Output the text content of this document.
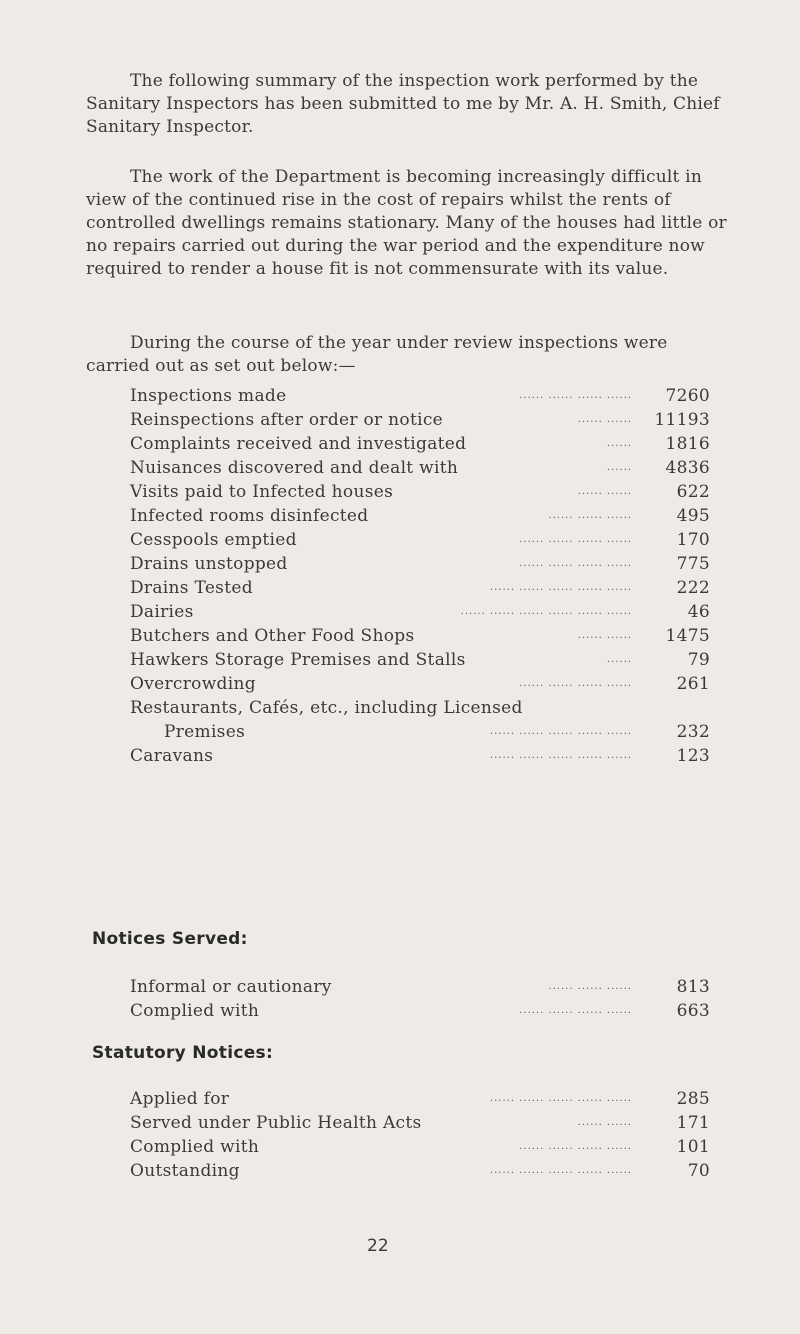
The following summary of the inspection work performed by the Sanitary Inspectors has been submitted to me by Mr. A. H. Smith, Chief Sanitary Inspector.

The work of the Department is becoming increasingly difficult in view of the continued rise in the cost of repairs whilst the rents of controlled dwellings remains stationary. Many of the houses had little or no repairs carried out during the war period and the expenditure now required to render a house fit is not commensurate with its value.

During the course of the year under review inspections were carried out as set out below:—

Inspections made	...... ...... ...... ......	7260
Reinspections after order or notice	...... ......	11193
Complaints received and investigated	......	1816
Nuisances discovered and dealt with	......	4836
Visits paid to Infected houses	...... ......	622
Infected rooms disinfected	...... ...... ......	495
Cesspools emptied	...... ...... ...... ......	170
Drains unstopped	...... ...... ...... ......	775
Drains Tested	...... ...... ...... ...... ......	222
Dairies	...... ...... ...... ...... ...... ......	46
Butchers and Other Food Shops	...... ......	1475
Hawkers Storage Premises and Stalls	......	79
Overcrowding	...... ...... ...... ......	261
Restaurants, Cafés, etc., including Licensed
Premises	...... ...... ...... ...... ......	232
Caravans	...... ...... ...... ...... ......	123
Notices Served:
Informal or cautionary	...... ...... ......	813
Complied with	...... ...... ...... ......	663
Statutory Notices:
Applied for	...... ...... ...... ...... ......	285
Served under Public Health Acts	...... ......	171
Complied with	...... ...... ...... ......	101
Outstanding	...... ...... ...... ...... ......	70
22
